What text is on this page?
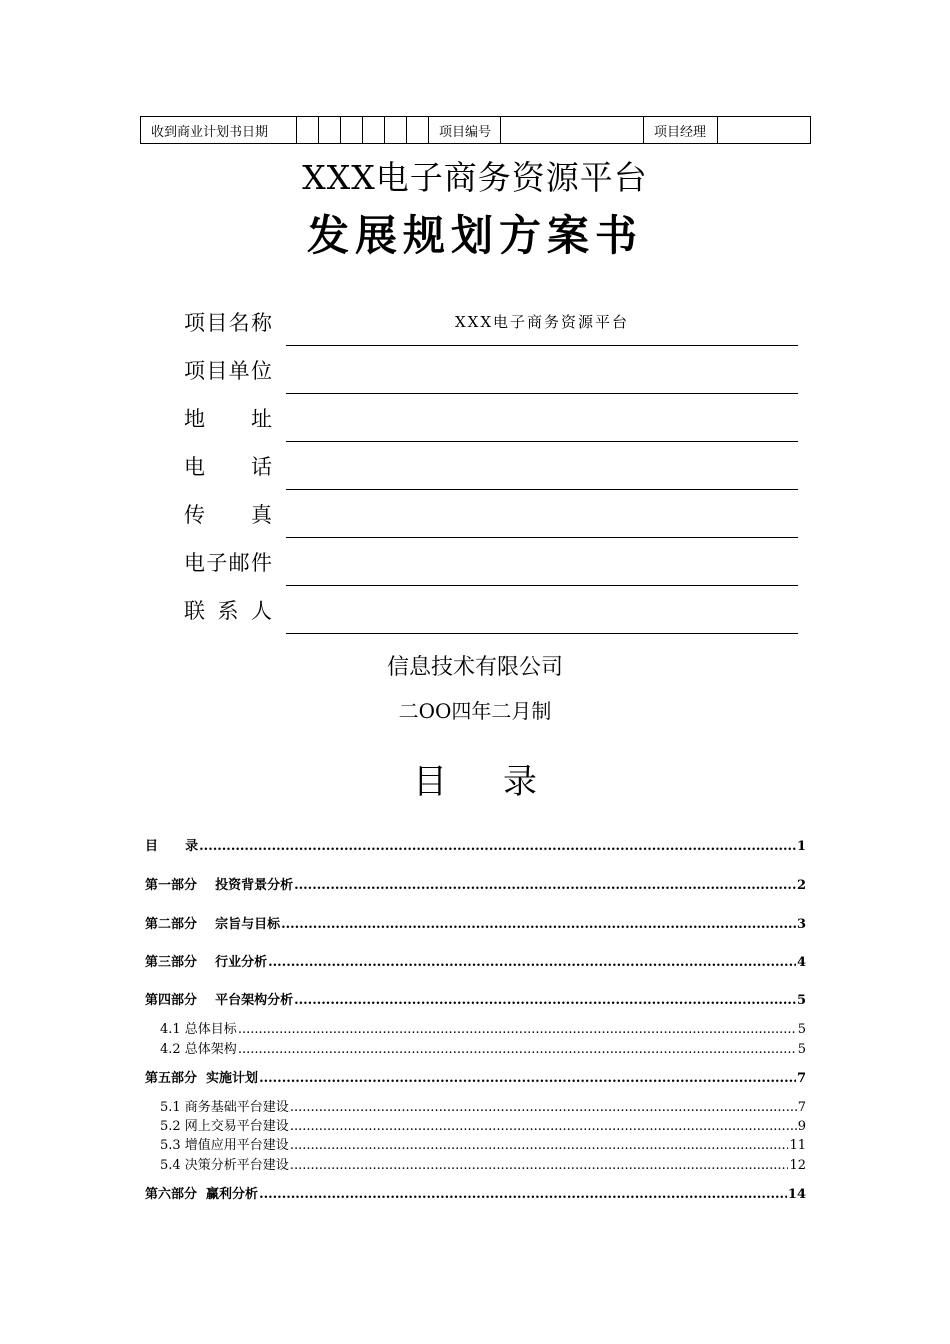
收到商业计划书日期							项目编号		项目经理	
XXX电子商务资源平台
发展规划方案书
项目名称	XXX电子商务资源平台
项目单位
地 址
电 话
传 真
电子邮件
联 系 人
信息技术有限公司
二OO四年二月制
目 录
目      录 .....	1
第一部分    投资背景分析 .....	2
第二部分    宗旨与目标 .....	3
第三部分    行业分析 .....	4
第四部分    平台架构分析 .....	5
4.1 总体目标 .....	5
4.2 总体架构 .....	5
第五部分  实施计划 .....	7
5.1 商务基础平台建设 .....	7
5.2 网上交易平台建设 .....	9
5.3 增值应用平台建设 .....	11
5.4 决策分析平台建设 .....	12
第六部分  赢利分析 .....	14
